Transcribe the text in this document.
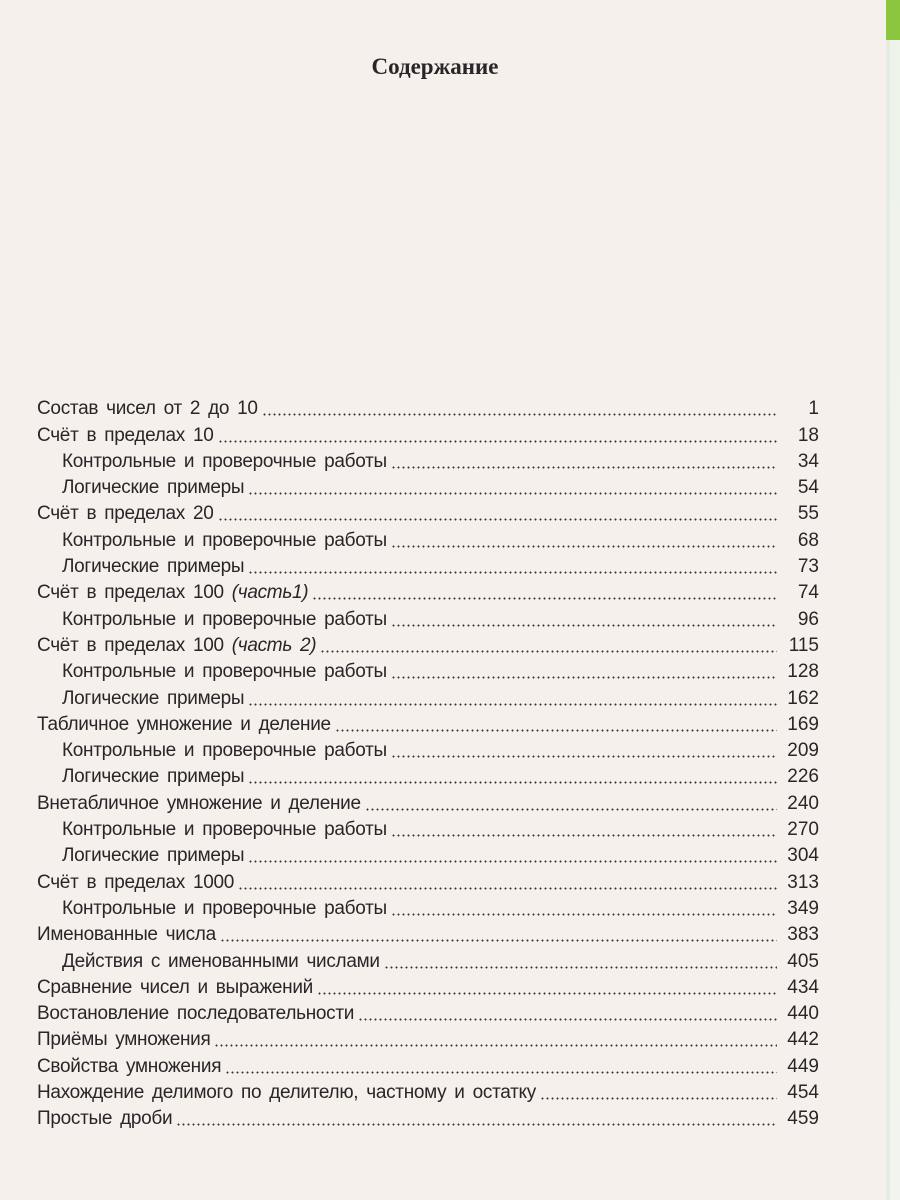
Содержание
Состав чисел от 2 до 10	1
Счёт в пределах 10	18
Контрольные и проверочные работы	34
Логические примеры	54
Счёт в пределах 20	55
Контрольные и проверочные работы	68
Логические примеры	73
Счёт в пределах 100 (часть1)	74
Контрольные и проверочные работы	96
Счёт в пределах 100 (часть 2)	115
Контрольные и проверочные работы	128
Логические примеры	162
Табличное умножение и деление	169
Контрольные и проверочные работы	209
Логические примеры	226
Внетабличное умножение и деление	240
Контрольные и проверочные работы	270
Логические примеры	304
Счёт в пределах 1000	313
Контрольные и проверочные работы	349
Именованные числа	383
Действия с именованными числами	405
Сравнение чисел и выражений	434
Востановление последовательности	440
Приёмы умножения	442
Свойства умножения	449
Нахождение делимого по делителю, частному и остатку	454
Простые дроби	459
